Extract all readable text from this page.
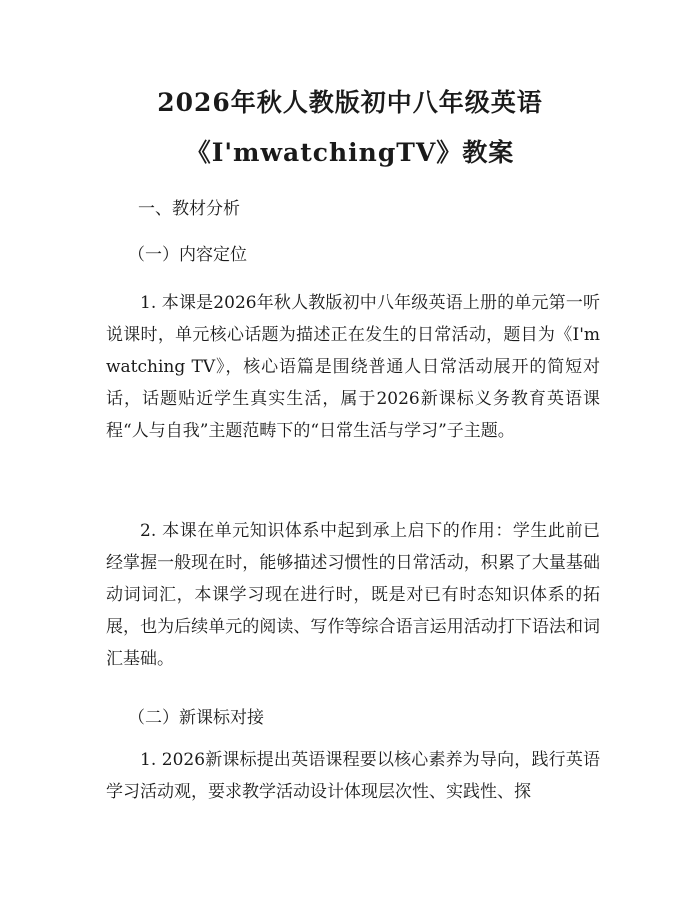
2026年秋人教版初中八年级英语
《I'mwatchingTV》教案
一、教材分析
（一）内容定位
1. 本课是2026年秋人教版初中八年级英语上册的单元第一听说课时，单元核心话题为描述正在发生的日常活动，题目为《I'm watching TV》，核心语篇是围绕普通人日常活动展开的简短对话，话题贴近学生真实生活，属于2026新课标义务教育英语课程“人与自我”主题范畴下的“日常生活与学习”子主题。
2. 本课在单元知识体系中起到承上启下的作用：学生此前已经掌握一般现在时，能够描述习惯性的日常活动，积累了大量基础动词词汇，本课学习现在进行时，既是对已有时态知识体系的拓展，也为后续单元的阅读、写作等综合语言运用活动打下语法和词汇基础。
（二）新课标对接
1. 2026新课标提出英语课程要以核心素养为导向，践行英语学习活动观，要求教学活动设计体现层次性、实践性、探
